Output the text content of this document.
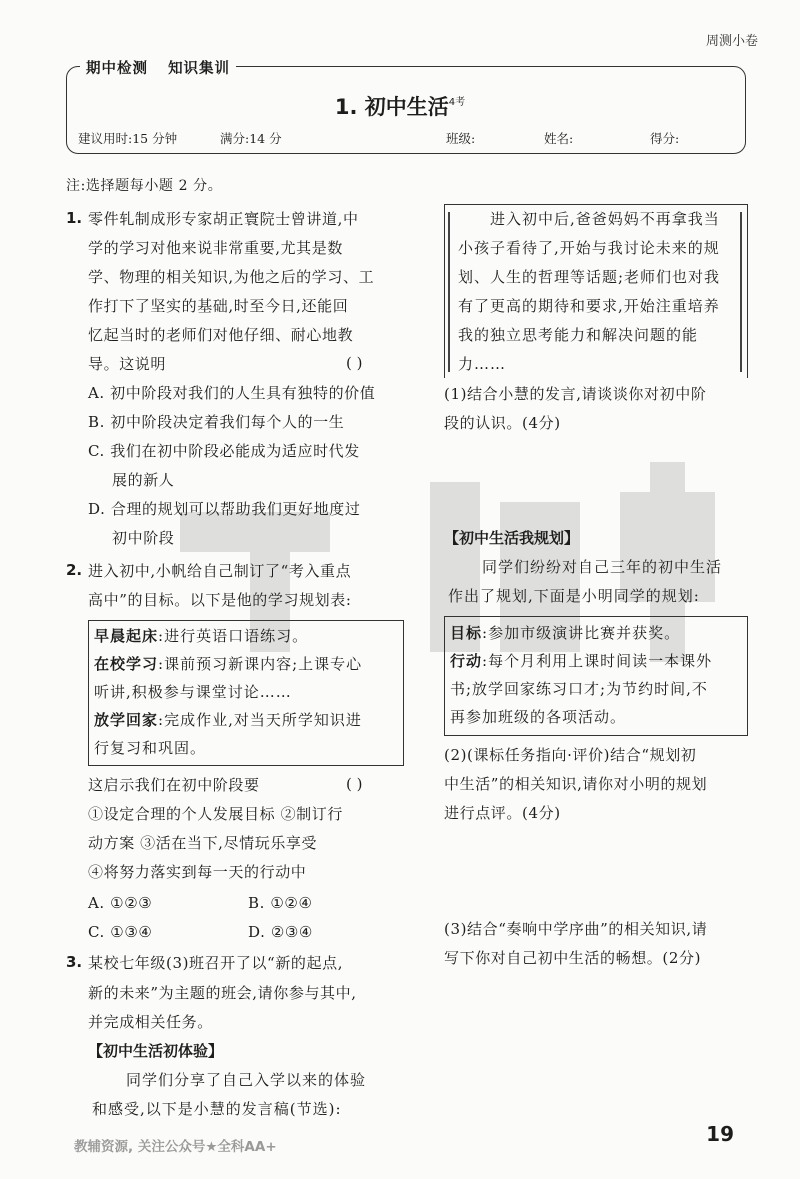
周测小卷
期中检测 知识集训
1. 初中生活$^{4考}$
建议用时:15 分钟	满分:14 分	班级:	姓名:	得分:
注:选择题每小题 2 分。
1. 零件轧制成形专家胡正寰院士曾讲道,中
学的学习对他来说非常重要,尤其是数
学、物理的相关知识,为他之后的学习、工
作打下了坚实的基础,时至今日,还能回
忆起当时的老师们对他仔细、耐心地教
导。这说明	( )
A. 初中阶段对我们的人生具有独特的价值
B. 初中阶段决定着我们每个人的一生
C. 我们在初中阶段必能成为适应时代发
展的新人
D. 合理的规划可以帮助我们更好地度过
初中阶段
2. 进入初中,小帆给自己制订了“考入重点
高中”的目标。以下是他的学习规划表:
早晨起床:进行英语口语练习。
在校学习:课前预习新课内容;上课专心
听讲,积极参与课堂讨论……
放学回家:完成作业,对当天所学知识进
行复习和巩固。
这启示我们在初中阶段要	( )
①设定合理的个人发展目标 ②制订行
动方案 ③活在当下,尽情玩乐享受
④将努力落实到每一天的行动中
A. ①②③	B. ①②④
C. ①③④	D. ②③④
3. 某校七年级(3)班召开了以“新的起点,
新的未来”为主题的班会,请你参与其中,
并完成相关任务。
【初中生活初体验】
同学们分享了自己入学以来的体验
和感受,以下是小慧的发言稿(节选):
进入初中后,爸爸妈妈不再拿我当
小孩子看待了,开始与我讨论未来的规
划、人生的哲理等话题;老师们也对我
有了更高的期待和要求,开始注重培养
我的独立思考能力和解决问题的能
力……
(1)结合小慧的发言,请谈谈你对初中阶
段的认识。(4分)
【初中生活我规划】
同学们纷纷对自己三年的初中生活
作出了规划,下面是小明同学的规划:
目标:参加市级演讲比赛并获奖。
行动:每个月利用上课时间读一本课外
书;放学回家练习口才;为节约时间,不
再参加班级的各项活动。
(2)(课标任务指向·评价)结合“规划初
中生活”的相关知识,请你对小明的规划
进行点评。(4分)
(3)结合“奏响中学序曲”的相关知识,请
写下你对自己初中生活的畅想。(2分)
19
教辅资源, 关注公众号★全科AA+
